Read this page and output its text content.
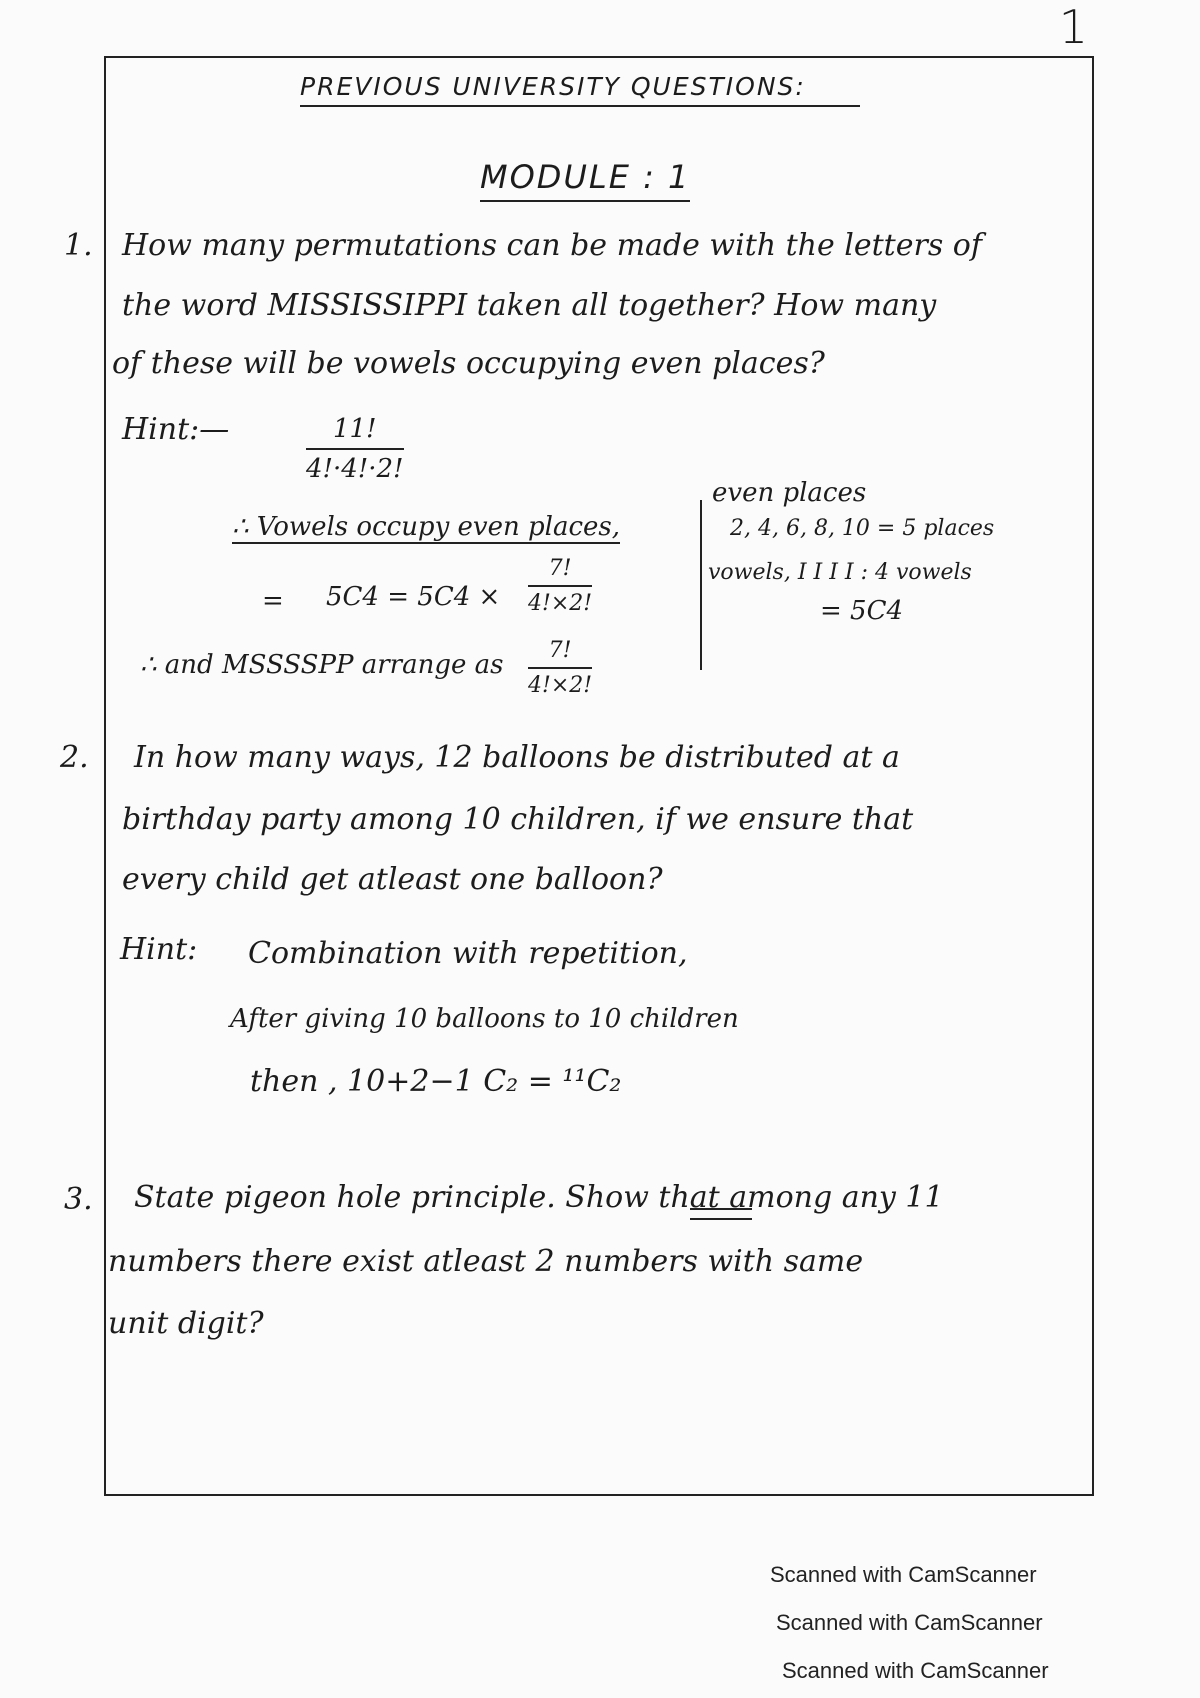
1
PREVIOUS UNIVERSITY QUESTIONS:
MODULE : 1
1. How many permutations can be made with the letters of
the word MISSISSIPPI taken all together? How many
of these will be vowels occupying even places?
Hint:—	$\frac{11!}{4!\cdot 4!\cdot 2!}$
∴ Vowels occupy even places,
= $5C4 = 5C4 \times \frac{7!}{4!\times 2!}$
∴ and MSSSSPP arrange as $\frac{7!}{4!\times 2!}$
even places
2, 4, 6, 8, 10 = 5 places
vowels, I I I I : 4 vowels
= 5C4
2. In how many ways, 12 balloons be distributed at a
birthday party among 10 children, if we ensure that
every child get atleast one balloon?
Hint: Combination with repetition,
After giving 10 balloons to 10 children
then , 10+2−1 C₂ = ¹¹C₂
3. State pigeon hole principle. Show that among any 11
numbers there exist atleast 2 numbers with same
unit digit?
Scanned with CamScanner
Scanned with CamScanner
Scanned with CamScanner
